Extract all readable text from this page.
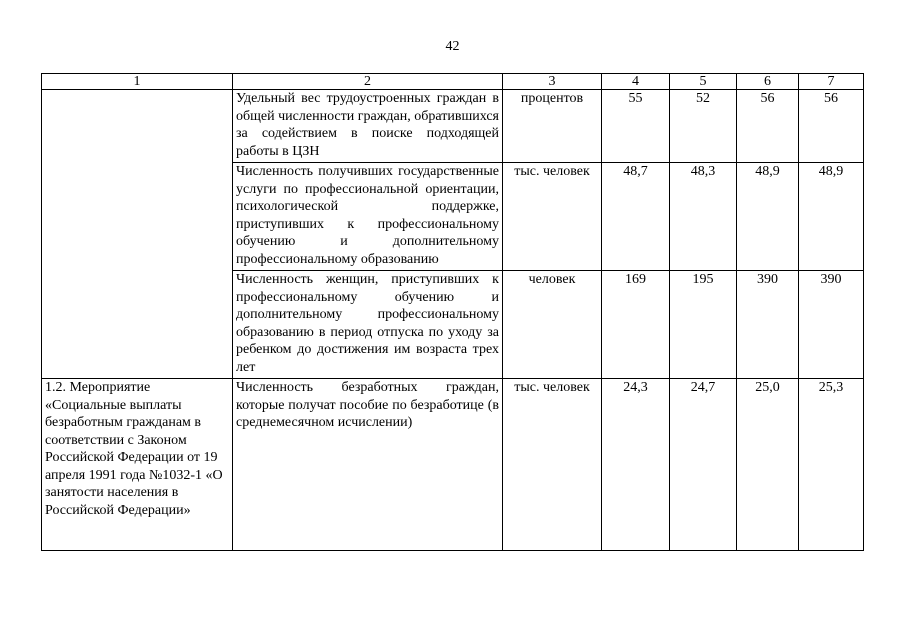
42
1	2	3	4	5	6	7
	Удельный вес трудоустроенных граждан в общей численности граждан, обратившихся за содействием в поиске подходящей работы в ЦЗН	процентов	55	52	56	56
	Численность получивших государственные услуги по профессиональной ориентации, психологической поддержке, приступивших к профессиональному обучению и дополнительному профессиональному образованию	тыс. человек	48,7	48,3	48,9	48,9
	Численность женщин, приступивших к профессиональному обучению и дополнительному профессиональному образованию в период отпуска по уходу за ребенком до достижения им возраста трех лет	человек	169	195	390	390
1.2. Мероприятие «Социальные выплаты безработным гражданам в соответствии с Законом Российской Федерации от 19 апреля 1991 года №1032-1 «О занятости населения в Российской Федерации»	Численность безработных граждан, которые получат пособие по безработице (в среднемесячном исчислении)	тыс. человек	24,3	24,7	25,0	25,3
